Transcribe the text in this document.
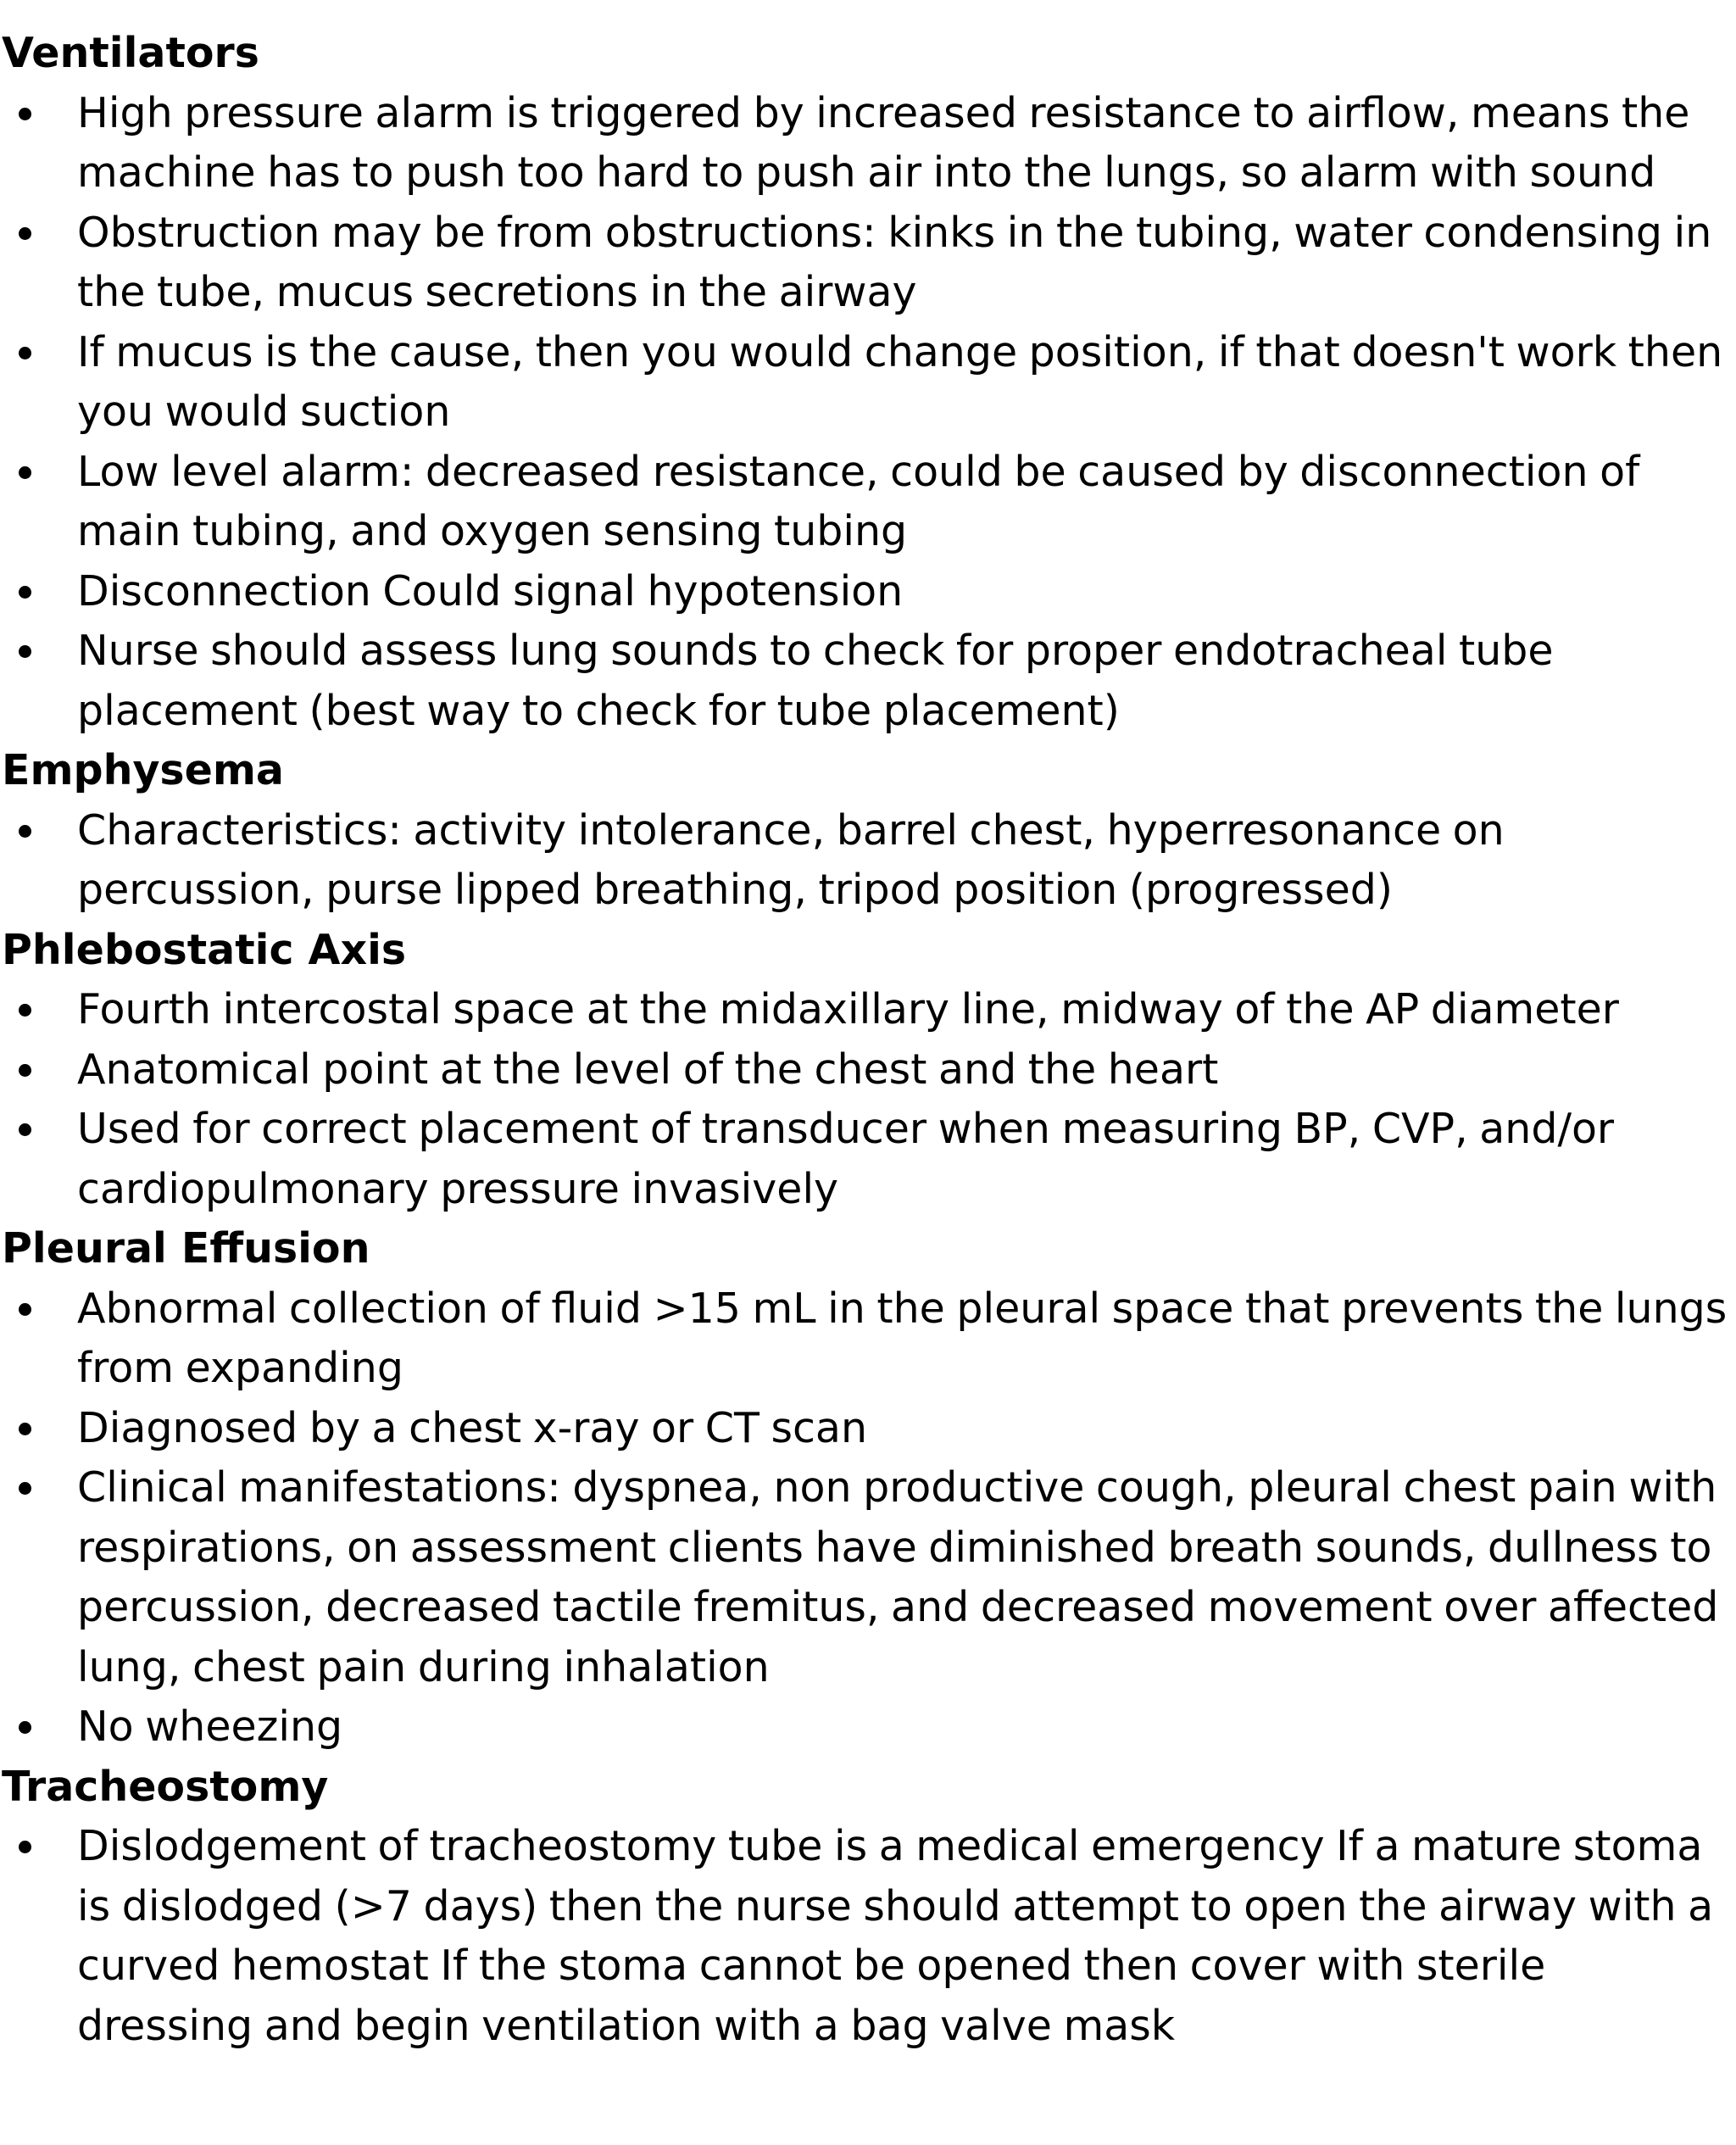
Ventilators
High pressure alarm is triggered by increased resistance to airflow, means the machine has to push too hard to push air into the lungs, so alarm with sound
Obstruction may be from obstructions: kinks in the tubing, water condensing in the tube, mucus secretions in the airway
If mucus is the cause, then you would change position, if that doesn't work then you would suction
Low level alarm: decreased resistance, could be caused by disconnection of main tubing, and oxygen sensing tubing
Disconnection Could signal hypotension
Nurse should assess lung sounds to check for proper endotracheal tube placement (best way to check for tube placement)
Emphysema
Characteristics: activity intolerance, barrel chest, hyperresonance on percussion, purse lipped breathing, tripod position (progressed)
Phlebostatic Axis
Fourth intercostal space at the midaxillary line, midway of the AP diameter
Anatomical point at the level of the chest and the heart
Used for correct placement of transducer when measuring BP, CVP, and/or cardiopulmonary pressure invasively
Pleural Effusion
Abnormal collection of fluid >15 mL in the pleural space that prevents the lungs from expanding
Diagnosed by a chest x-ray or CT scan
Clinical manifestations: dyspnea, non productive cough, pleural chest pain with respirations, on assessment clients have diminished breath sounds, dullness to percussion, decreased tactile fremitus, and decreased movement over affected lung, chest pain during inhalation
No wheezing
Tracheostomy
Dislodgement of tracheostomy tube is a medical emergency If a mature stoma is dislodged (>7 days) then the nurse should attempt to open the airway with a curved hemostat If the stoma cannot be opened then cover with sterile dressing and begin ventilation with a bag valve mask
